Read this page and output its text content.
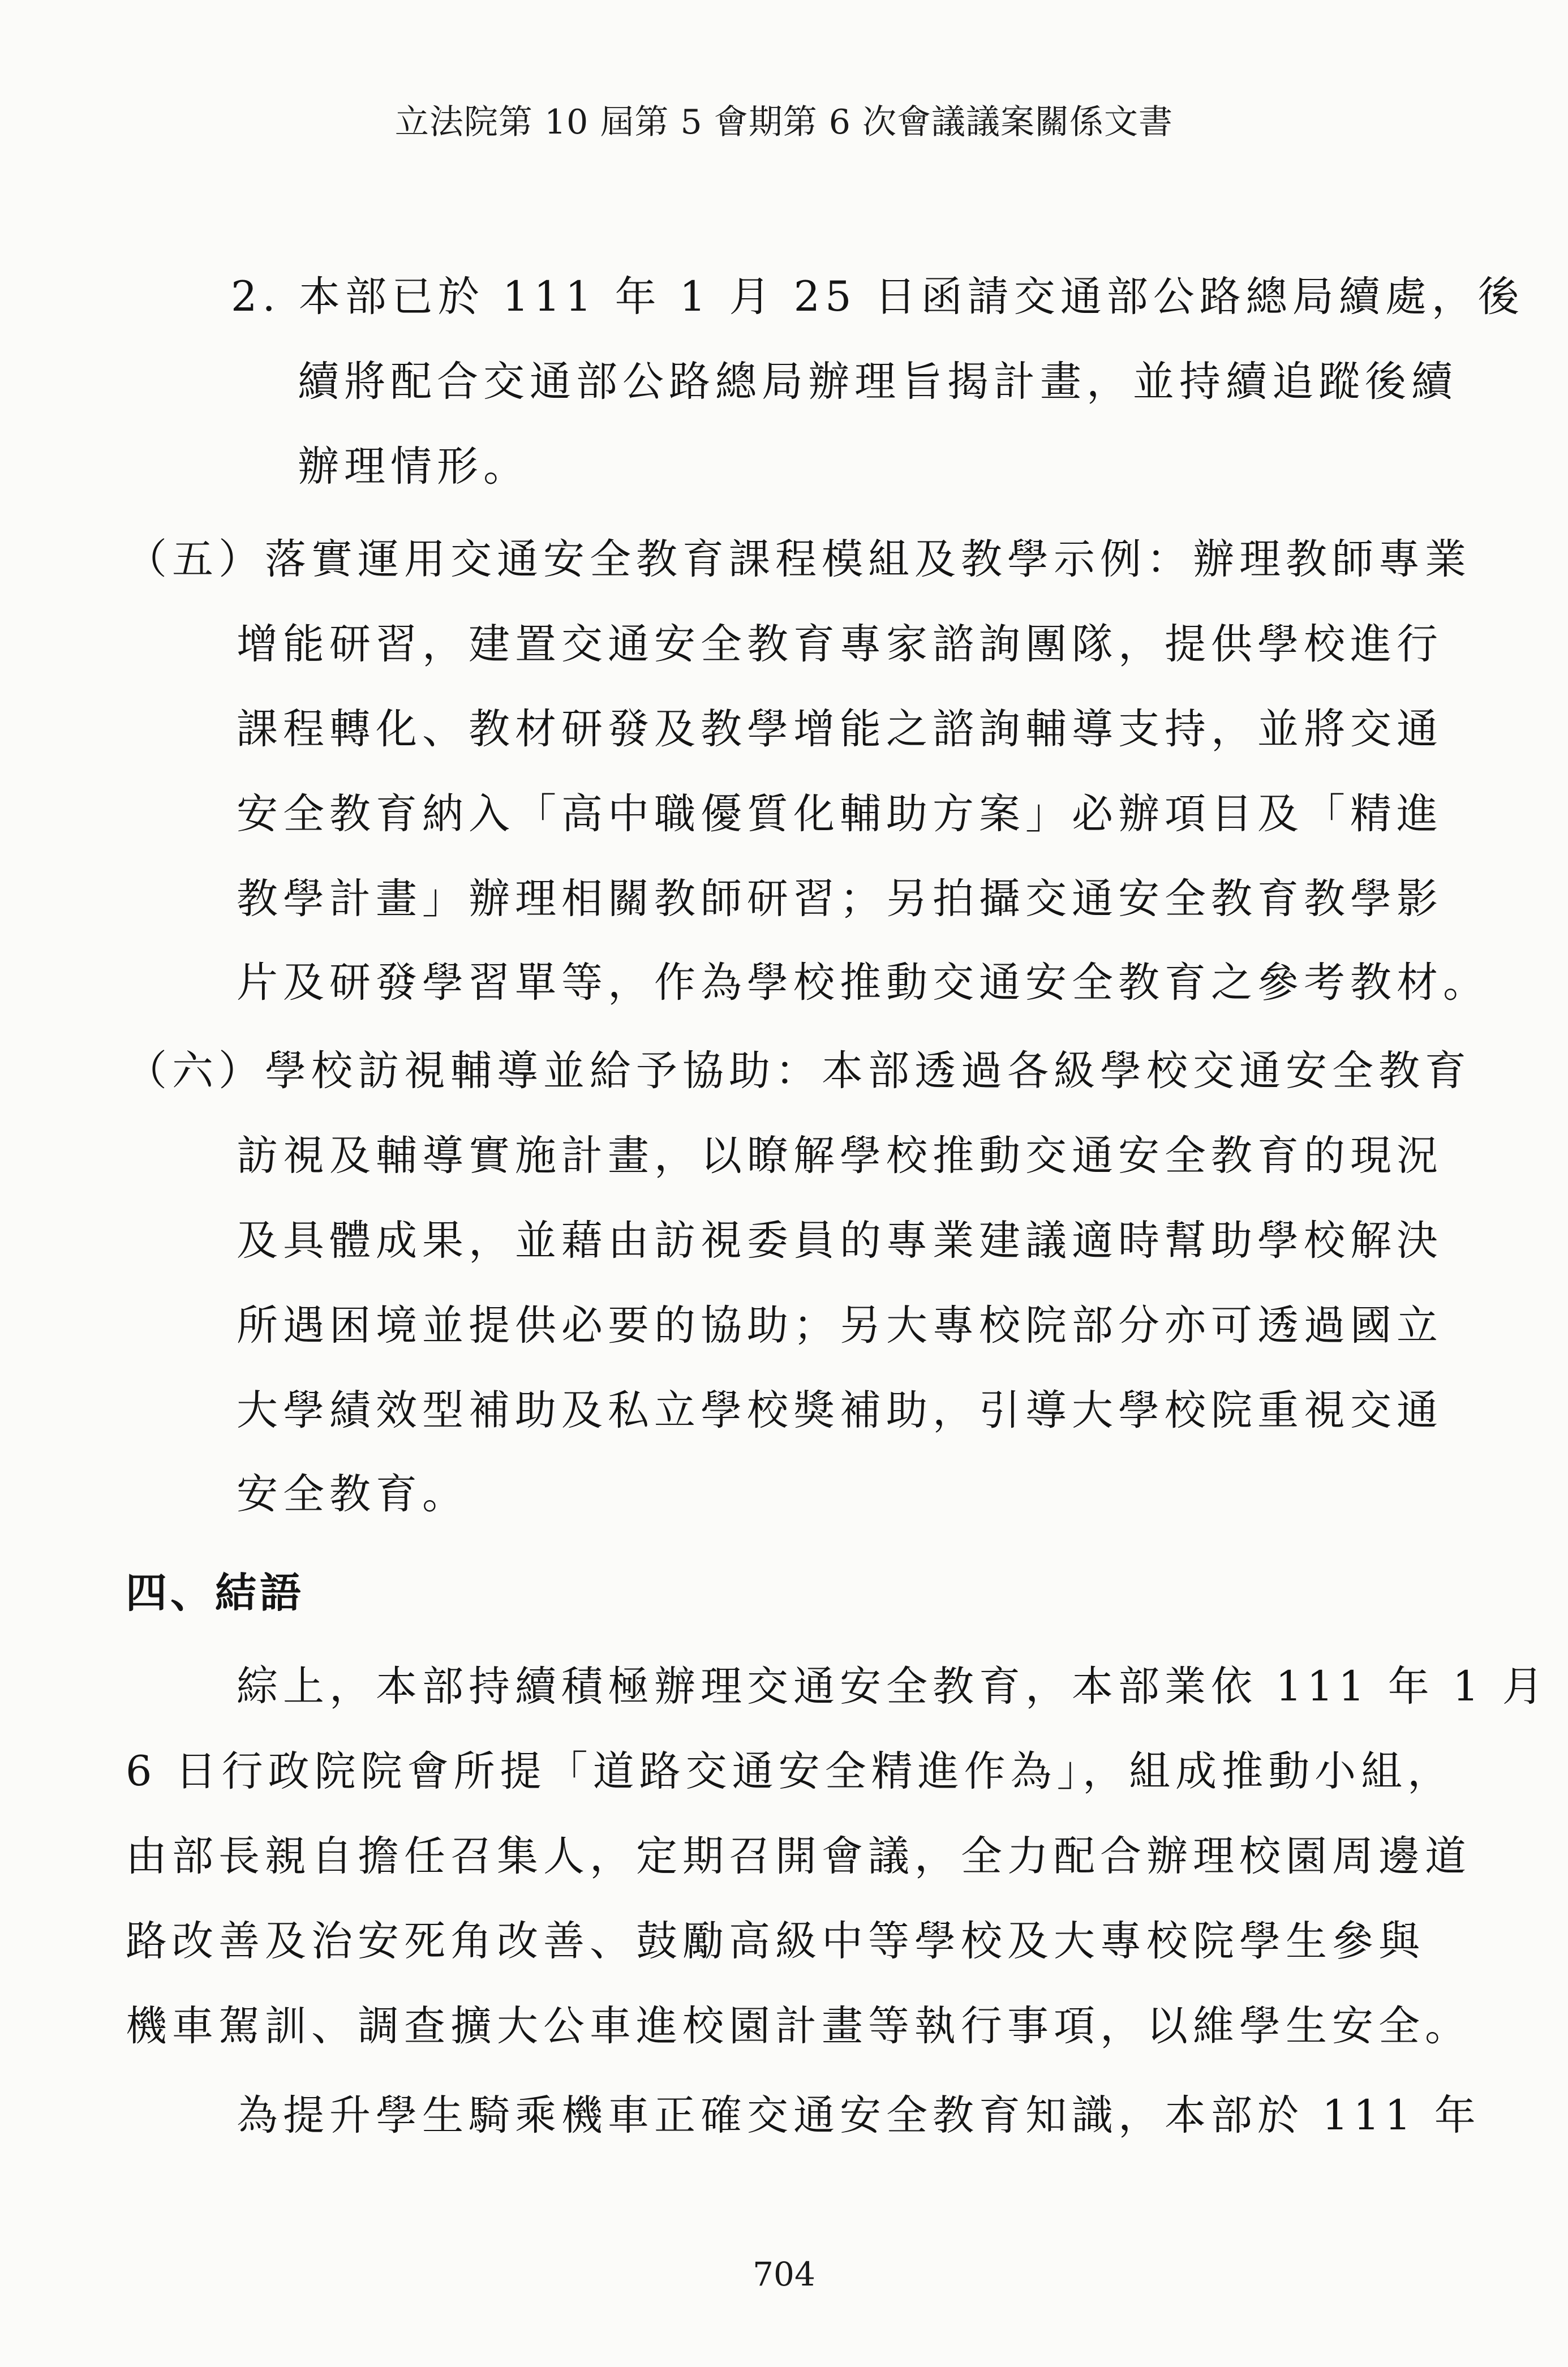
立法院第 10 屆第 5 會期第 6 次會議議案關係文書
2. 本部已於 111 年 1 月 25 日函請交通部公路總局續處，後
續將配合交通部公路總局辦理旨揭計畫，並持續追蹤後續
辦理情形。
（五）落實運用交通安全教育課程模組及教學示例：辦理教師專業
增能研習，建置交通安全教育專家諮詢團隊，提供學校進行
課程轉化、教材研發及教學增能之諮詢輔導支持，並將交通
安全教育納入「高中職優質化輔助方案」必辦項目及「精進
教學計畫」辦理相關教師研習；另拍攝交通安全教育教學影
片及研發學習單等，作為學校推動交通安全教育之參考教材。
（六）學校訪視輔導並給予協助：本部透過各級學校交通安全教育
訪視及輔導實施計畫，以瞭解學校推動交通安全教育的現況
及具體成果，並藉由訪視委員的專業建議適時幫助學校解決
所遇困境並提供必要的協助；另大專校院部分亦可透過國立
大學績效型補助及私立學校獎補助，引導大學校院重視交通
安全教育。
四、結語
綜上，本部持續積極辦理交通安全教育，本部業依 111 年 1 月
6 日行政院院會所提「道路交通安全精進作為」，組成推動小組，
由部長親自擔任召集人，定期召開會議，全力配合辦理校園周邊道
路改善及治安死角改善、鼓勵高級中等學校及大專校院學生參與
機車駕訓、調查擴大公車進校園計畫等執行事項，以維學生安全。
為提升學生騎乘機車正確交通安全教育知識，本部於 111 年
704
